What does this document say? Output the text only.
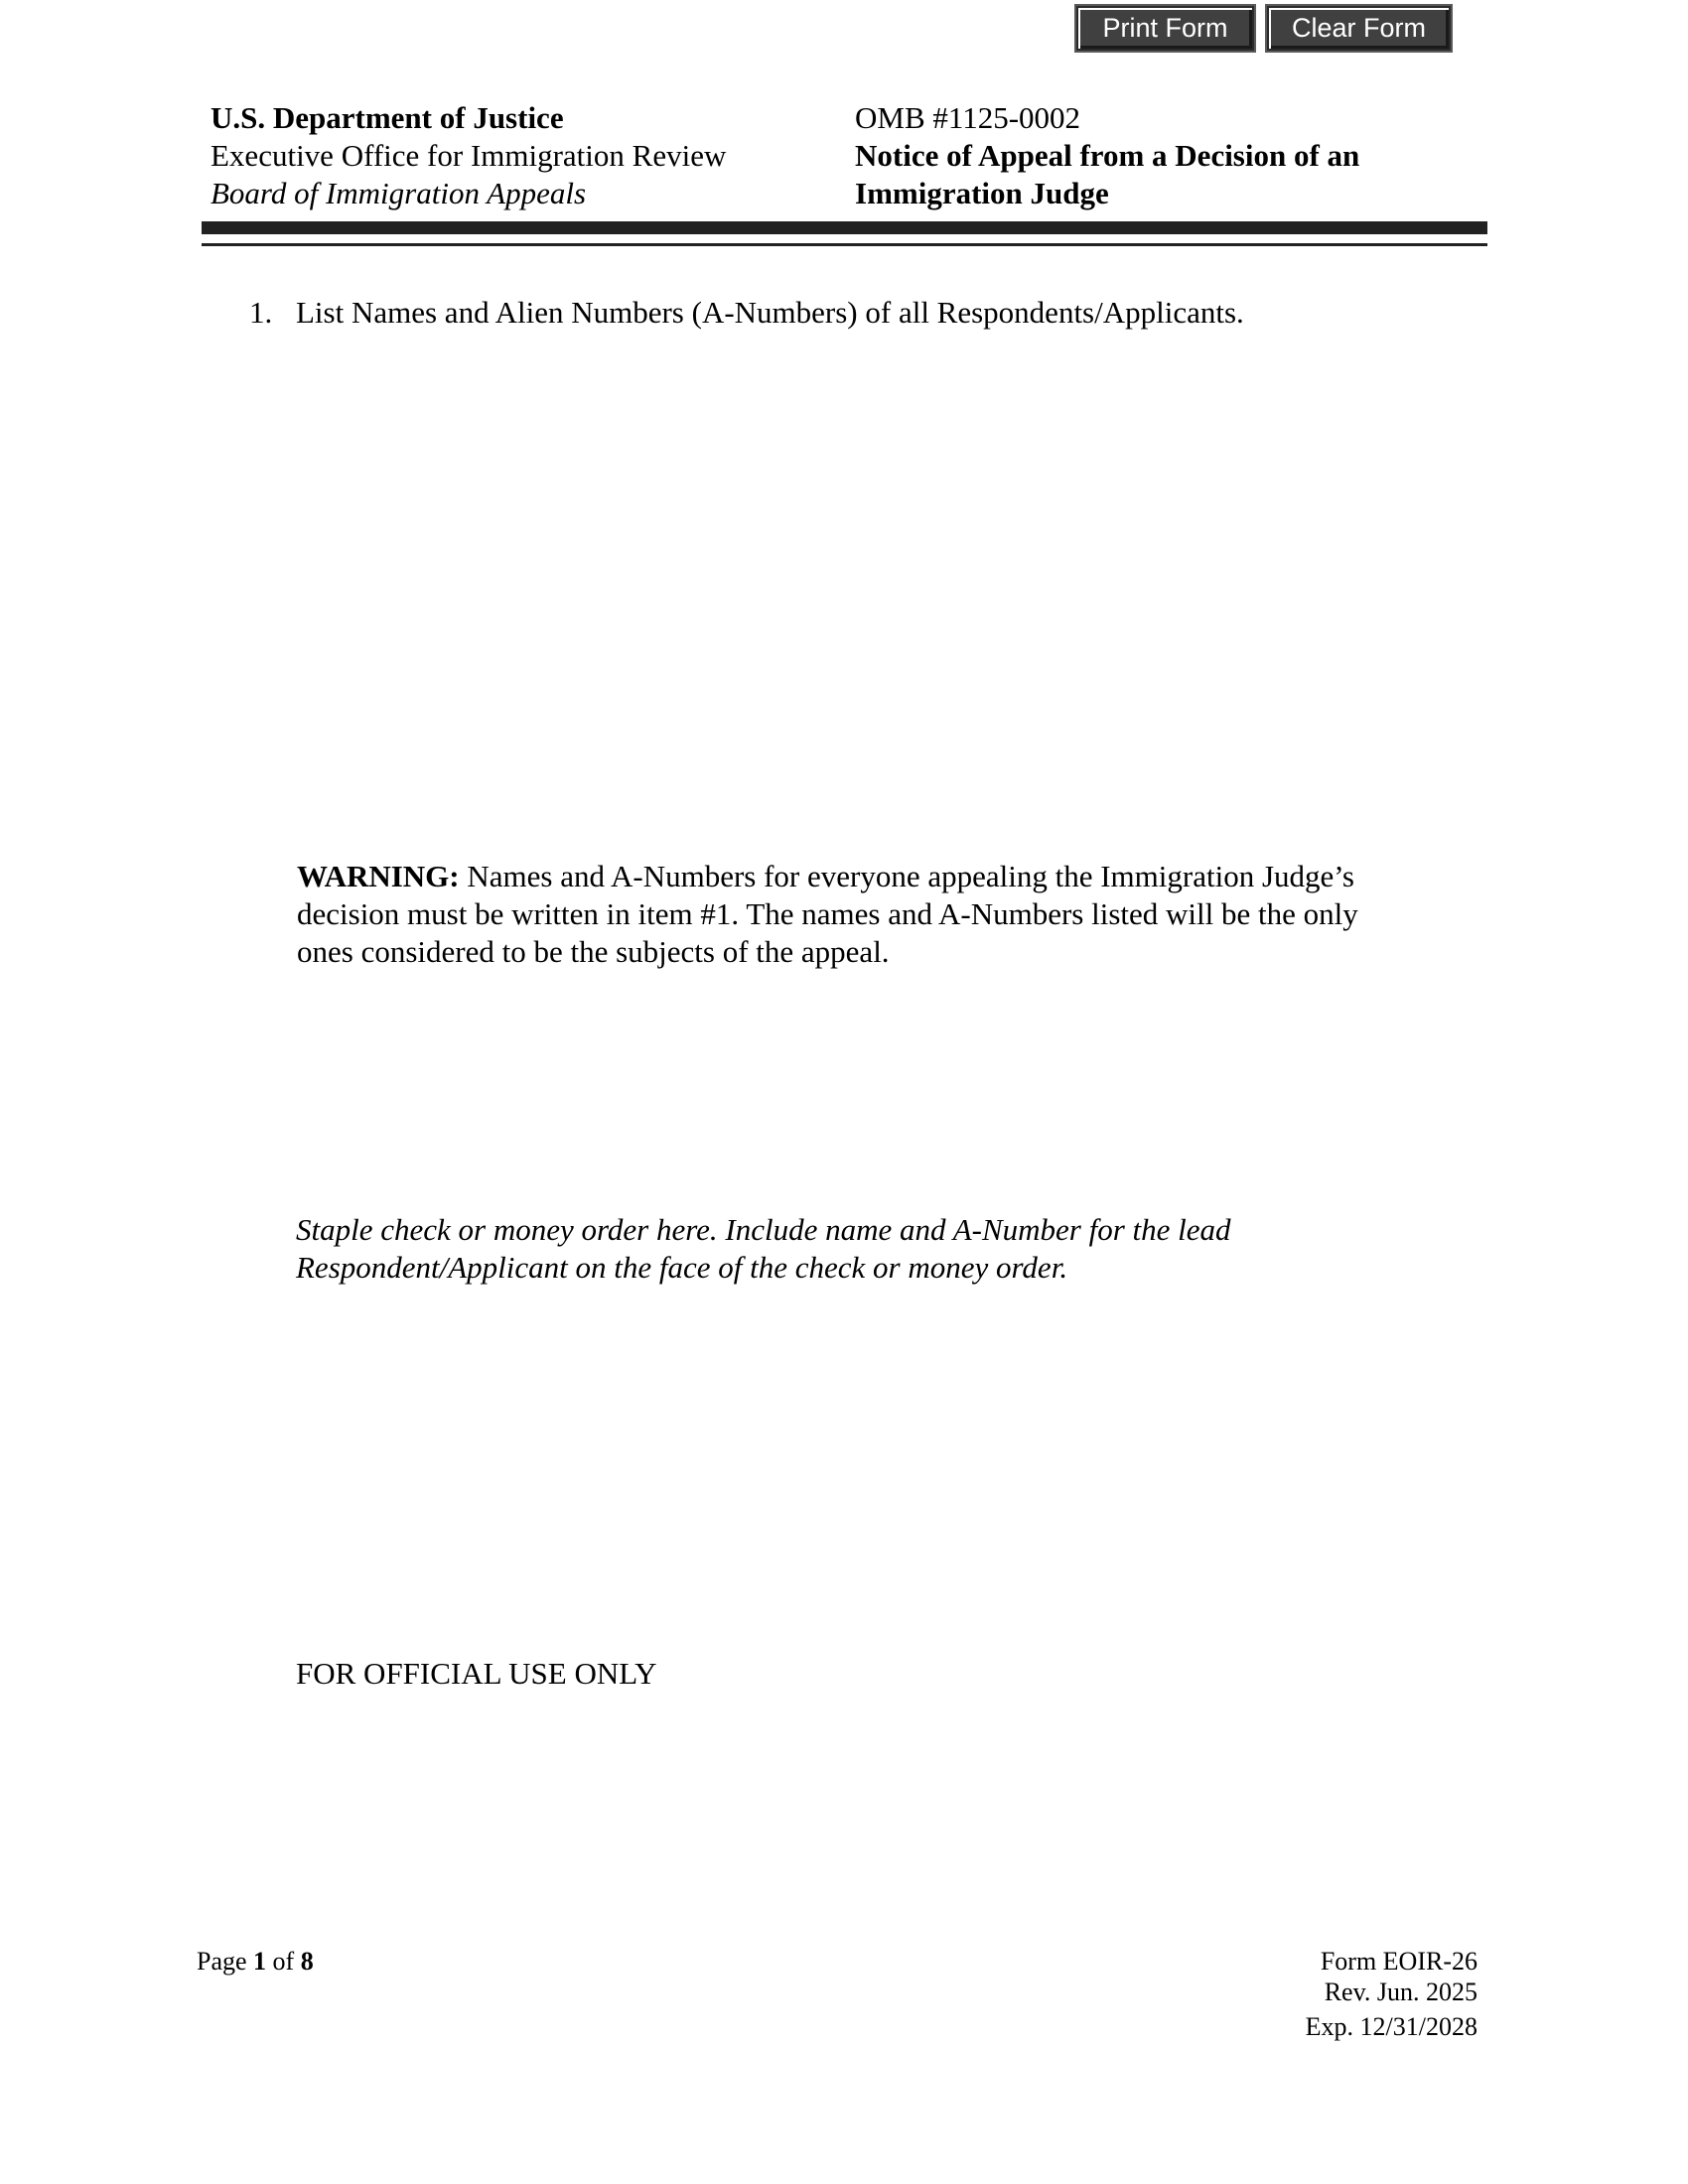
Print Form	Clear Form
U.S. Department of Justice
Executive Office for Immigration Review
Board of Immigration Appeals
OMB #1125-0002
Notice of Appeal from a Decision of an
Immigration Judge
1. List Names and Alien Numbers (A-Numbers) of all Respondents/Applicants.
WARNING: Names and A-Numbers for everyone appealing the Immigration Judge’s
decision must be written in item #1. The names and A-Numbers listed will be the only
ones considered to be the subjects of the appeal.
Staple check or money order here. Include name and A-Number for the lead
Respondent/Applicant on the face of the check or money order.
FOR OFFICIAL USE ONLY
Page 1 of 8	Form EOIR-26
Rev. Jun. 2025
Exp. 12/31/2028
